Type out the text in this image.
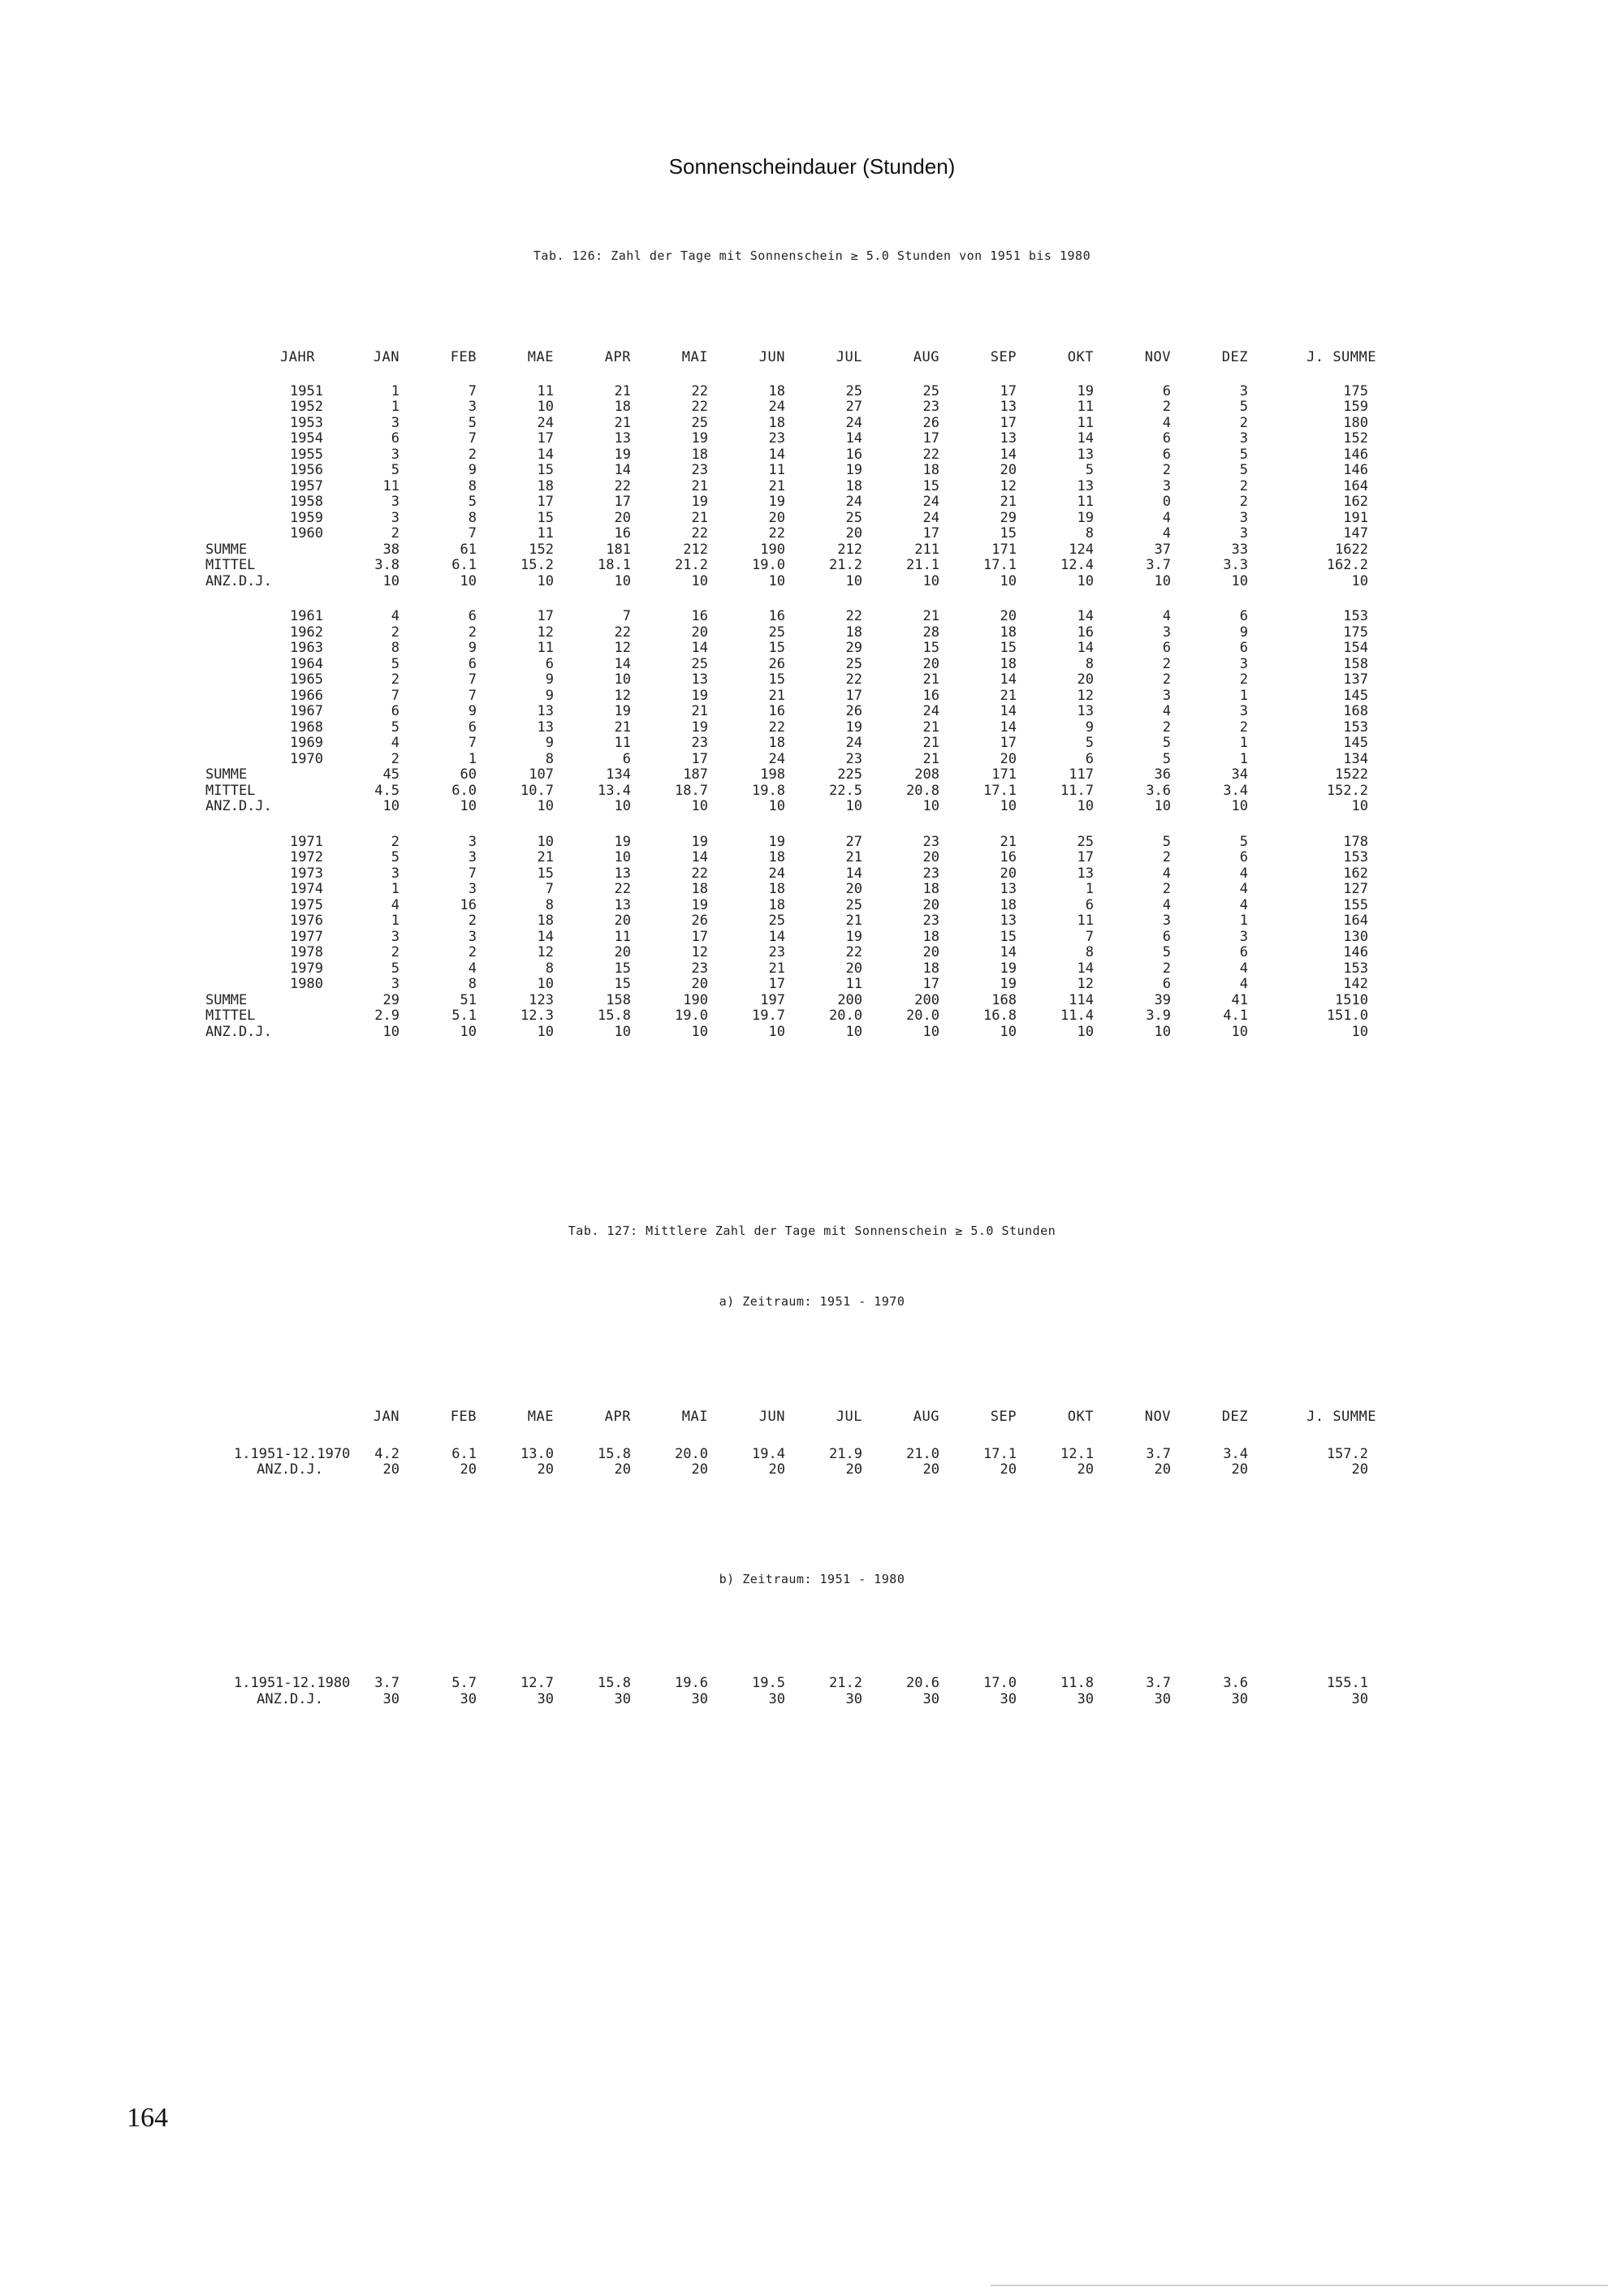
Sonnenscheindauer (Stunden)
Tab. 126: Zahl der Tage mit Sonnenschein ≥ 5.0 Stunden von 1951 bis 1980
JAHR	JAN	FEB	MAE	APR	MAI	JUN	JUL	AUG	SEP	OKT	NOV	DEZ	J. SUMME
1951	1	7	11	21	22	18	25	25	17	19	6	3	175
1952	1	3	10	18	22	24	27	23	13	11	2	5	159
1953	3	5	24	21	25	18	24	26	17	11	4	2	180
1954	6	7	17	13	19	23	14	17	13	14	6	3	152
1955	3	2	14	19	18	14	16	22	14	13	6	5	146
1956	5	9	15	14	23	11	19	18	20	5	2	5	146
1957	11	8	18	22	21	21	18	15	12	13	3	2	164
1958	3	5	17	17	19	19	24	24	21	11	0	2	162
1959	3	8	15	20	21	20	25	24	29	19	4	3	191
1960	2	7	11	16	22	22	20	17	15	8	4	3	147
SUMME	38	61	152	181	212	190	212	211	171	124	37	33	1622
MITTEL	3.8	6.1	15.2	18.1	21.2	19.0	21.2	21.1	17.1	12.4	3.7	3.3	162.2
ANZ.D.J.	10	10	10	10	10	10	10	10	10	10	10	10	10
1961	4	6	17	7	16	16	22	21	20	14	4	6	153
1962	2	2	12	22	20	25	18	28	18	16	3	9	175
1963	8	9	11	12	14	15	29	15	15	14	6	6	154
1964	5	6	6	14	25	26	25	20	18	8	2	3	158
1965	2	7	9	10	13	15	22	21	14	20	2	2	137
1966	7	7	9	12	19	21	17	16	21	12	3	1	145
1967	6	9	13	19	21	16	26	24	14	13	4	3	168
1968	5	6	13	21	19	22	19	21	14	9	2	2	153
1969	4	7	9	11	23	18	24	21	17	5	5	1	145
1970	2	1	8	6	17	24	23	21	20	6	5	1	134
SUMME	45	60	107	134	187	198	225	208	171	117	36	34	1522
MITTEL	4.5	6.0	10.7	13.4	18.7	19.8	22.5	20.8	17.1	11.7	3.6	3.4	152.2
ANZ.D.J.	10	10	10	10	10	10	10	10	10	10	10	10	10
1971	2	3	10	19	19	19	27	23	21	25	5	5	178
1972	5	3	21	10	14	18	21	20	16	17	2	6	153
1973	3	7	15	13	22	24	14	23	20	13	4	4	162
1974	1	3	7	22	18	18	20	18	13	1	2	4	127
1975	4	16	8	13	19	18	25	20	18	6	4	4	155
1976	1	2	18	20	26	25	21	23	13	11	3	1	164
1977	3	3	14	11	17	14	19	18	15	7	6	3	130
1978	2	2	12	20	12	23	22	20	14	8	5	6	146
1979	5	4	8	15	23	21	20	18	19	14	2	4	153
1980	3	8	10	15	20	17	11	17	19	12	6	4	142
SUMME	29	51	123	158	190	197	200	200	168	114	39	41	1510
MITTEL	2.9	5.1	12.3	15.8	19.0	19.7	20.0	20.0	16.8	11.4	3.9	4.1	151.0
ANZ.D.J.	10	10	10	10	10	10	10	10	10	10	10	10	10
Tab. 127: Mittlere Zahl der Tage mit Sonnenschein ≥ 5.0 Stunden
a) Zeitraum: 1951 - 1970
JAN	FEB	MAE	APR	MAI	JUN	JUL	AUG	SEP	OKT	NOV	DEZ	J. SUMME
1.1951-12.1970	4.2	6.1	13.0	15.8	20.0	19.4	21.9	21.0	17.1	12.1	3.7	3.4	157.2
ANZ.D.J.	20	20	20	20	20	20	20	20	20	20	20	20	20
b) Zeitraum: 1951 - 1980
1.1951-12.1980	3.7	5.7	12.7	15.8	19.6	19.5	21.2	20.6	17.0	11.8	3.7	3.6	155.1
ANZ.D.J.	30	30	30	30	30	30	30	30	30	30	30	30	30
164
